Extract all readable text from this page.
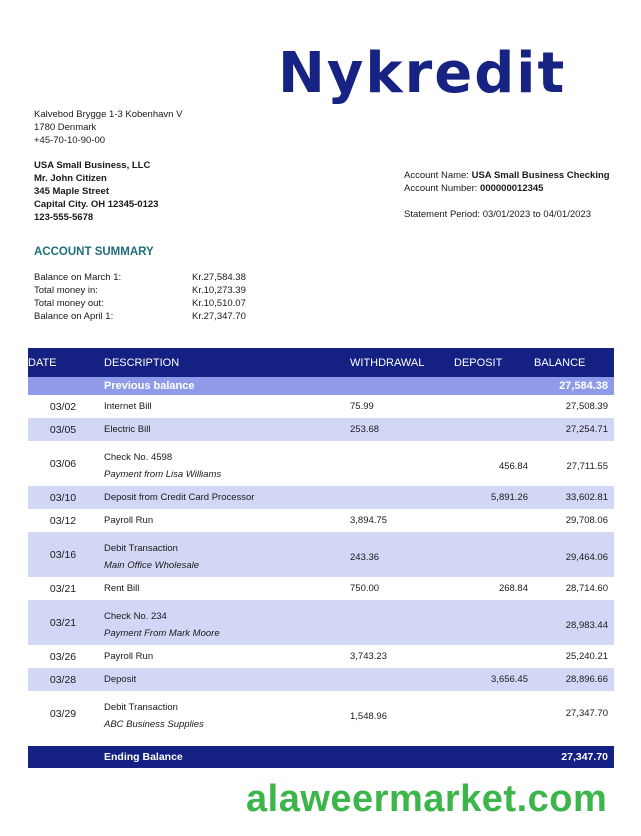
Nykredit
Kalvebod Brygge 1-3 Kobenhavn V
1780 Denmark
+45-70-10-90-00
USA Small Business, LLC
Mr. John Citizen
345 Maple Street
Capital City. OH 12345-0123
123-555-5678
Account Name: USA Small Business Checking
Account Number: 000000012345
Statement Period: 03/01/2023 to 04/01/2023
ACCOUNT SUMMARY
Balance on March 1:	Kr.27,584.38
Total money in:	Kr.10,273.39
Total money out:	Kr.10,510.07
Balance on April 1:	Kr.27,347.70
DATE	DESCRIPTION	WITHDRAWAL	DEPOSIT	BALANCE
	Previous balance			27,584.38
03/02	Internet Bill	75.99		27,508.39
03/05	Electric Bill	253.68		27,254.71
03/06	Check No. 4598
Payment from Lisa Williams		456.84	27,711.55
03/10	Deposit from Credit Card Processor		5,891.26	33,602.81
03/12	Payroll Run	3,894.75		29,708.06
03/16	Debit Transaction
Main Office Wholesale	243.36		29,464.06
03/21	Rent Bill	750.00	268.84	28,714.60
03/21	Check No. 234
Payment From Mark Moore			28,983.44
03/26	Payroll Run	3,743.23		25,240.21
03/28	Deposit		3,656.45	28,896.66
03/29	Debit Transaction
ABC Business Supplies	1,548.96		27,347.70

	Ending Balance			27,347.70
alaweermarket.com
